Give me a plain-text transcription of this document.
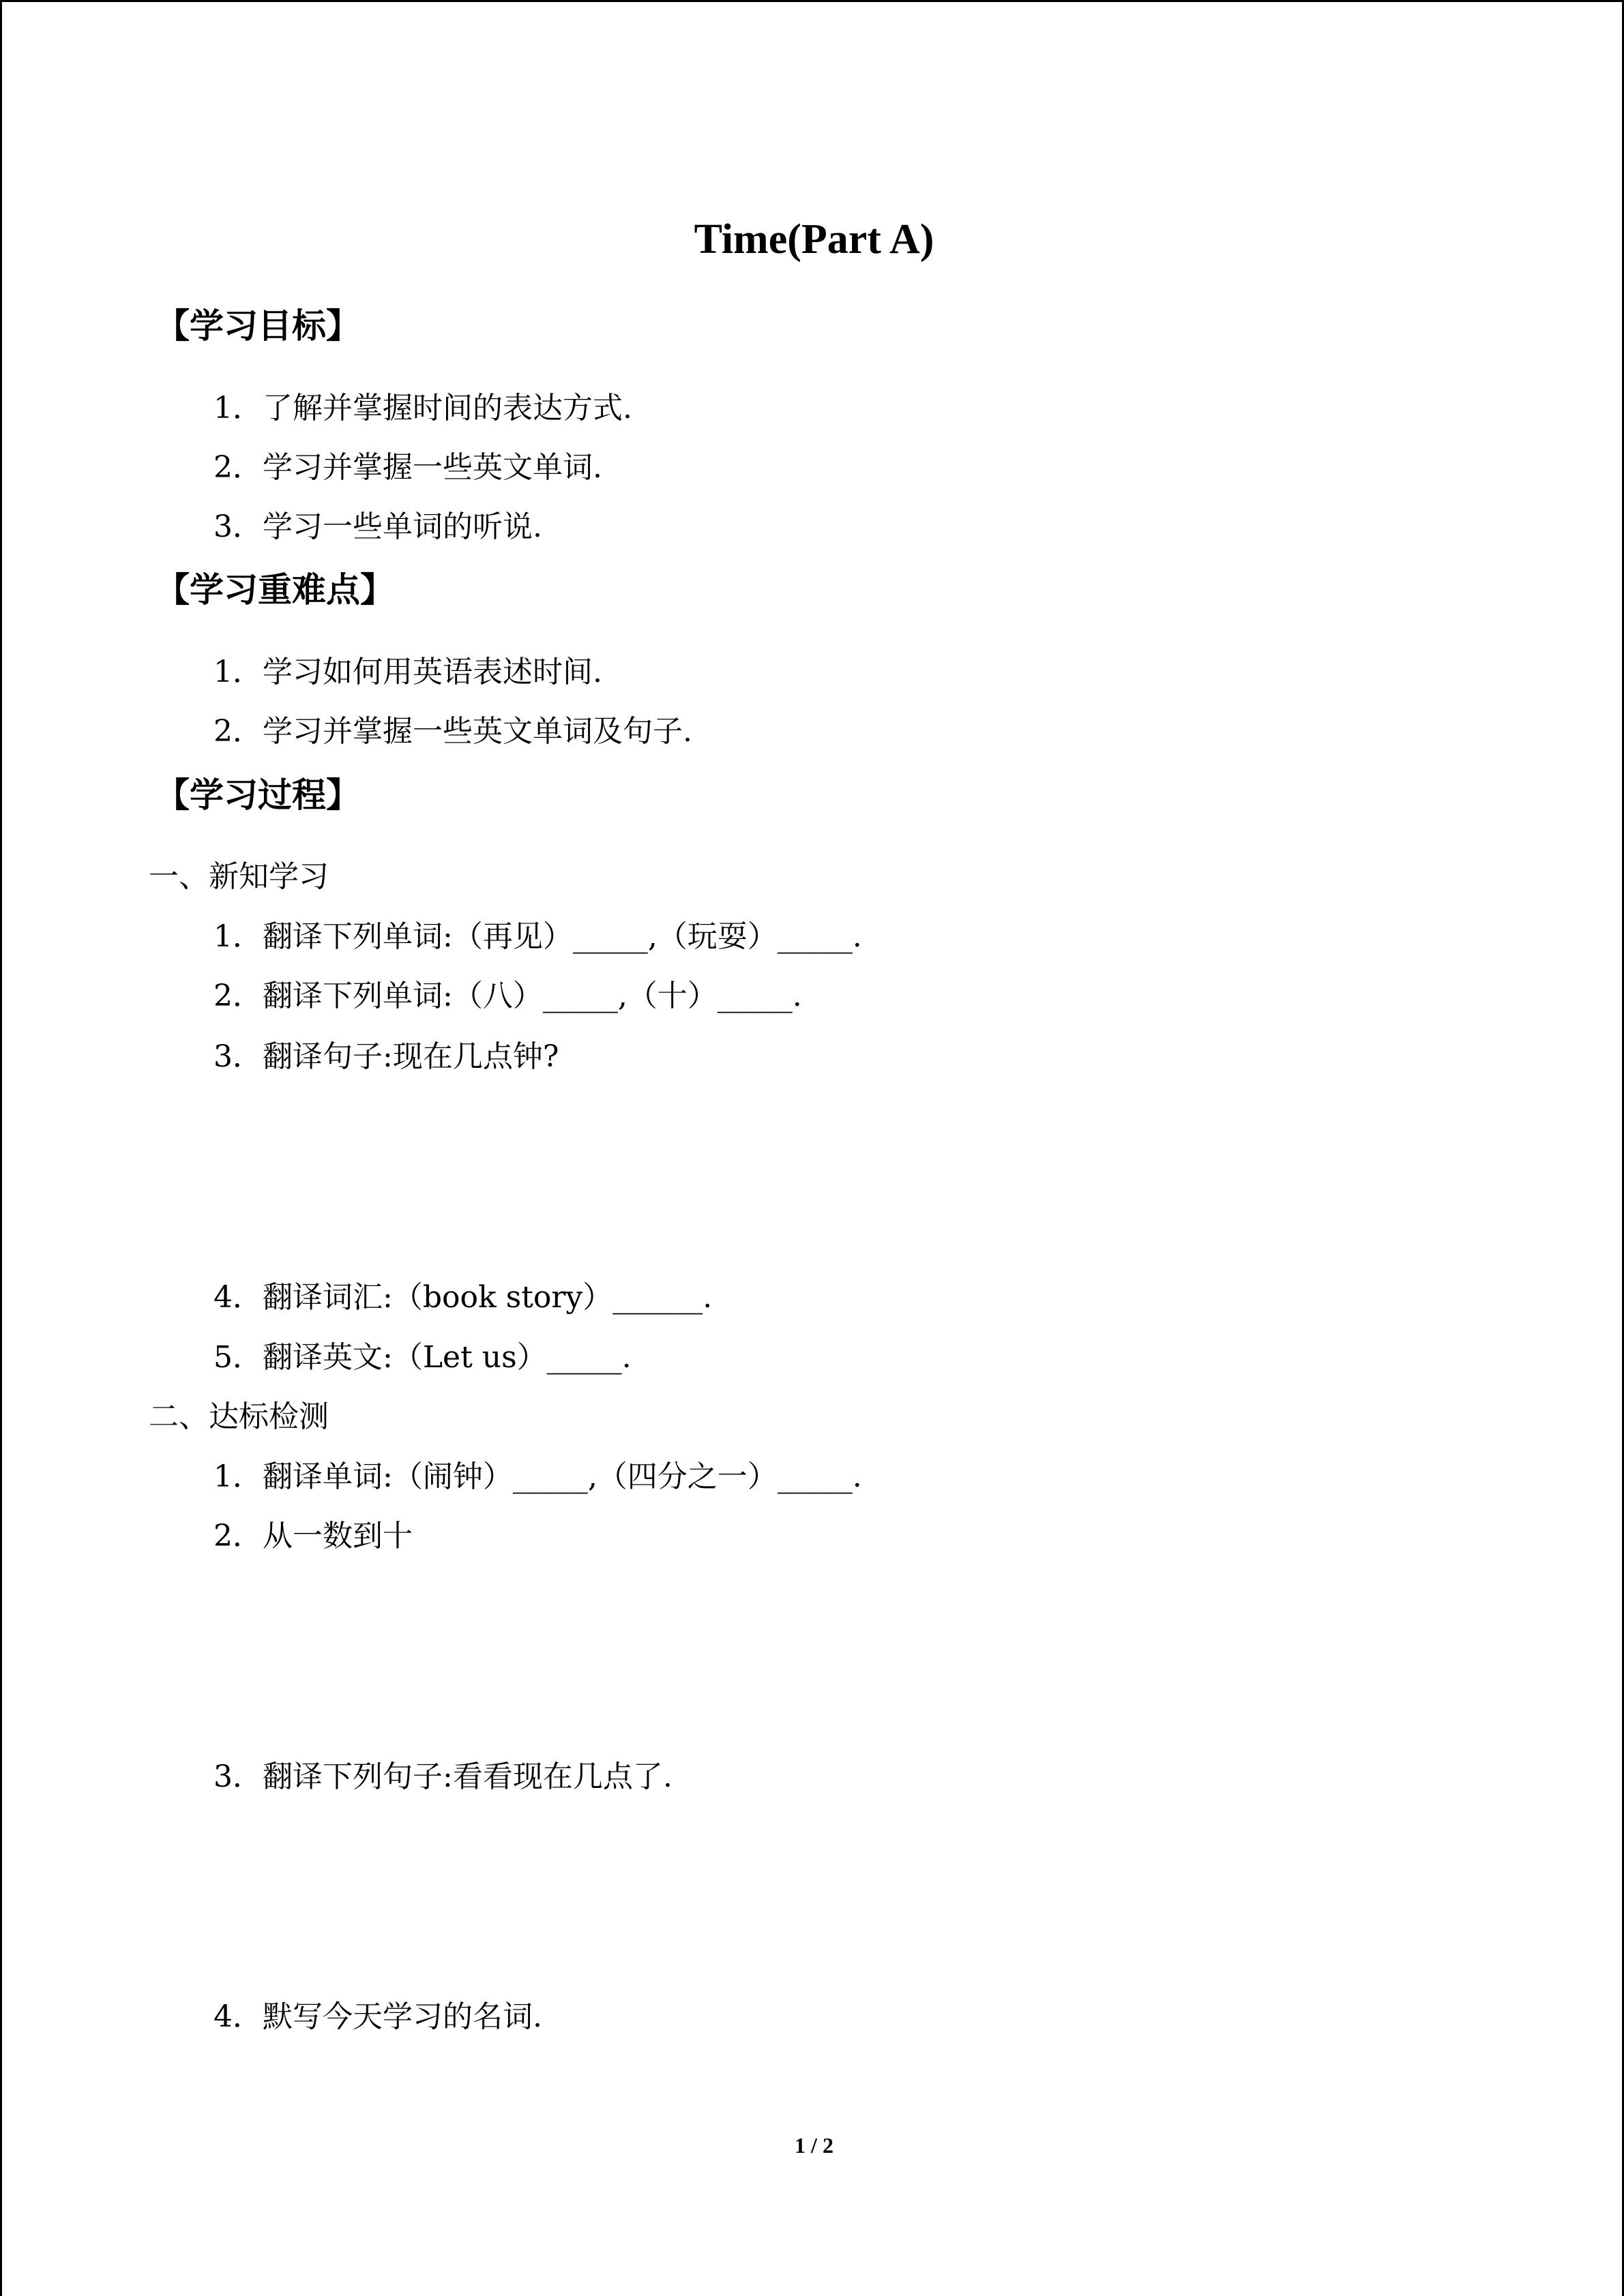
Time(Part A)
【学习目标】
1．了解并掌握时间的表达方式.
2．学习并掌握一些英文单词.
3．学习一些单词的听说.
【学习重难点】
1．学习如何用英语表述时间.
2．学习并掌握一些英文单词及句子.
【学习过程】
一、新知学习
1．翻译下列单词:（再见）_____,（玩耍）_____.
2．翻译下列单词:（八）_____,（十）_____.
3．翻译句子:现在几点钟?
4．翻译词汇:（book story）______.
5．翻译英文:（Let us）_____.
二、达标检测
1．翻译单词:（闹钟）_____,（四分之一）_____.
2．从一数到十
3．翻译下列句子:看看现在几点了.
4．默写今天学习的名词.
1 / 2
